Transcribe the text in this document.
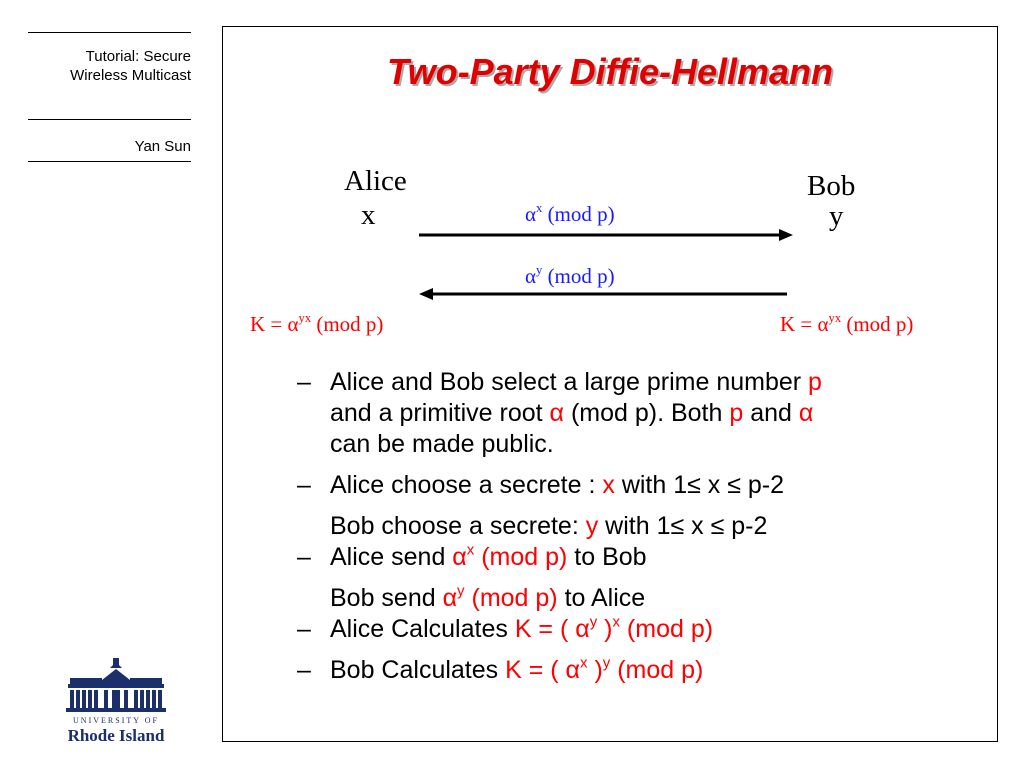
Tutorial: Secure
Wireless Multicast
Yan Sun
UNIVERSITY OF
Rhode Island
Two-Party Diffie-Hellmann
Alice
x
Bob
y
$\alpha^x$ (mod p)
$\alpha^y$ (mod p)
$K = \alpha^{yx}$ (mod p)	$K = \alpha^{yx}$ (mod p)
– Alice and Bob select a large prime number p
and a primitive root α (mod p). Both p and α
can be made public.
– Alice choose a secrete : x with 1≤ x ≤ p-2
Bob choose a secrete: y with 1≤ x ≤ p-2
– Alice send $\alpha^x$ (mod p) to Bob
Bob send $\alpha^y$ (mod p) to Alice
– Alice Calculates K = ( $\alpha^y$ )$^x$ (mod p)
– Bob Calculates K = ( $\alpha^x$ )$^y$ (mod p)
